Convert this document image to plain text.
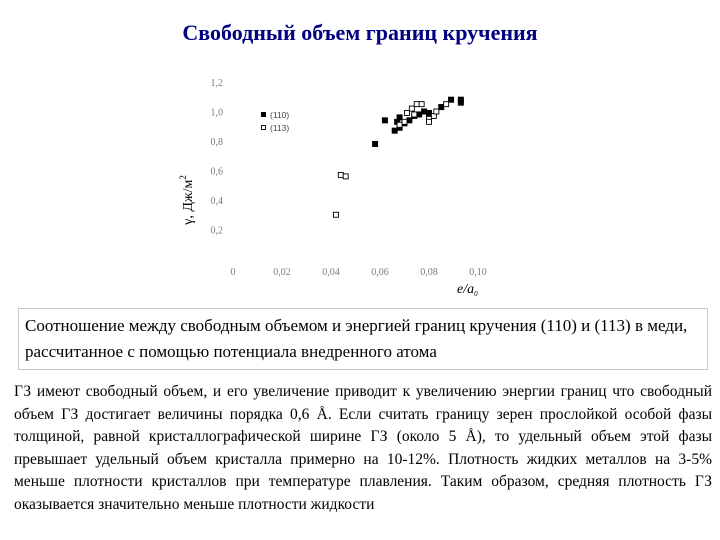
Свободный объем границ кручения
γ, $Дж/м^2$
$e/a_0$
(110)
(113)
0,2
0,4
0,6
0,8
1,0
1,2
0	0,02	0,04	0,06	0,08	0,10
Соотношение между свободным объемом и энергией границ кручения (110) и (113) в меди, рассчитанное с помощью потенциала внедренного атома
ГЗ имеют свободный объем, и его увеличение приводит к увеличению энергии границ что свободный объем ГЗ достигает величины порядка 0,6 Å. Если считать границу зерен прослойкой особой фазы толщиной, равной кристаллографической ширине ГЗ (около 5 Å), то удельный объем этой фазы превышает удельный объем кристалла примерно на 10-12%. Плотность жидких металлов на 3-5% меньше плотности кристаллов при температуре плавления. Таким образом, средняя плотность ГЗ оказывается значительно меньше плотности жидкости
